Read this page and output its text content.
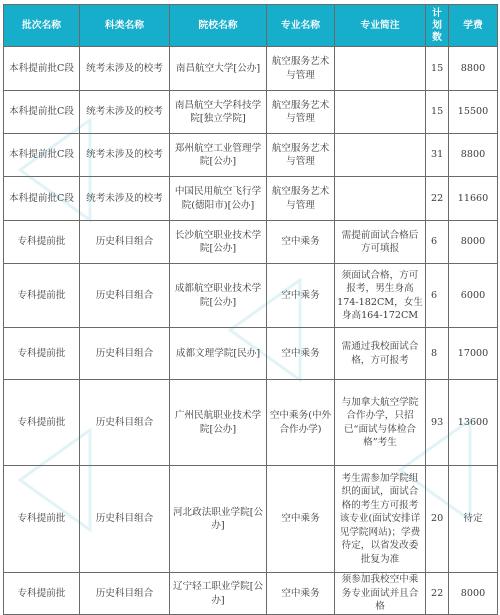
批次名称	科类名称	院校名称	专业名称	专业简注	计划数	学费
本科提前批C段	统考未涉及的校考	南昌航空大学[公办]	航空服务艺术与管理		15	8800
本科提前批C段	统考未涉及的校考	南昌航空大学科技学院[独立学院]	航空服务艺术与管理		15	15500
本科提前批C段	统考未涉及的校考	郑州航空工业管理学院[公办]	航空服务艺术与管理		31	8800
本科提前批C段	统考未涉及的校考	中国民用航空飞行学院(德阳市)[公办]	航空服务艺术与管理		22	11660
专科提前批	历史科目组合	长沙航空职业技术学院[公办]	空中乘务	需提前面试合格后方可填报	6	8000
专科提前批	历史科目组合	成都航空职业技术学院[公办]	空中乘务	须面试合格，方可报考，男生身高174-182CM，女生身高164-172CM	6	6000
专科提前批	历史科目组合	成都文理学院[民办]	空中乘务	需通过我校面试合格，方可报考	8	17000
专科提前批	历史科目组合	广州民航职业技术学院[公办]	空中乘务(中外合作办学)	与加拿大航空学院合作办学，只招已“面试与体检合格”考生	93	13600
专科提前批	历史科目组合	河北政法职业学院[公办]	空中乘务	考生需参加学院组织的面试，面试合格的考生方可报考该专业(面试安排详见学院网站)；学费待定，以省发改委批复为准	20	待定
专科提前批	历史科目组合	辽宁轻工职业学院[公办]	空中乘务	须参加我校空中乘务专业面试并且合格	22	8000
